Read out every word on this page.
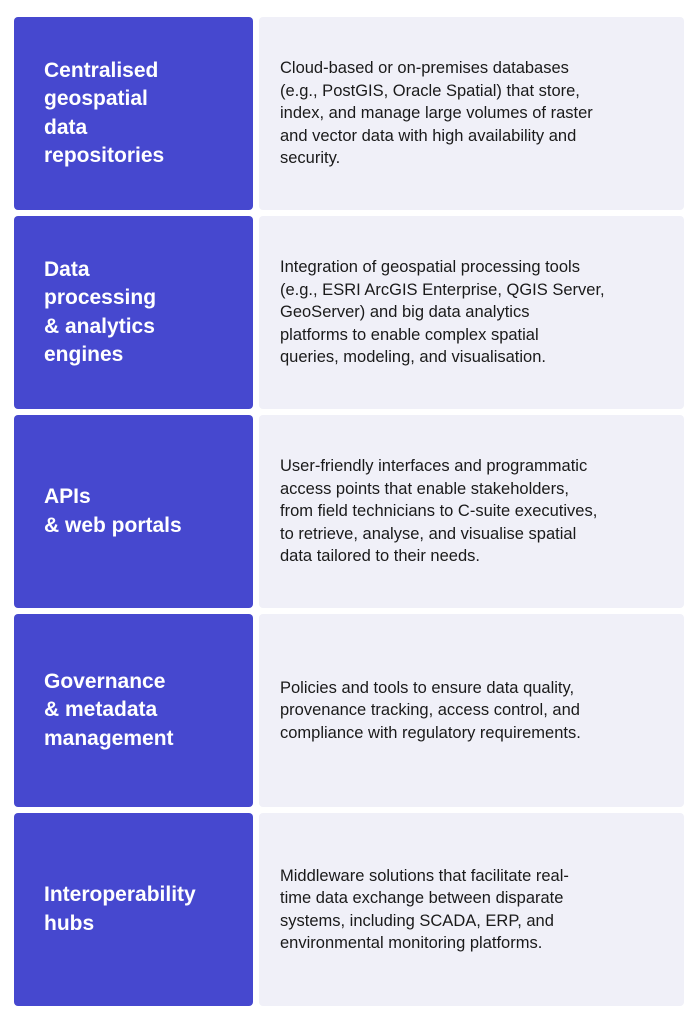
Centralised
geospatial
data
repositories
Cloud-based or on-premises databases
(e.g., PostGIS, Oracle Spatial) that store,
index, and manage large volumes of raster
and vector data with high availability and
security.
Data
processing
& analytics
engines
Integration of geospatial processing tools
(e.g., ESRI ArcGIS Enterprise, QGIS Server,
GeoServer) and big data analytics
platforms to enable complex spatial
queries, modeling, and visualisation.
APIs
& web portals
User-friendly interfaces and programmatic
access points that enable stakeholders,
from field technicians to C-suite executives,
to retrieve, analyse, and visualise spatial
data tailored to their needs.
Governance
& metadata
management
Policies and tools to ensure data quality,
provenance tracking, access control, and
compliance with regulatory requirements.
Interoperability
hubs
Middleware solutions that facilitate real-
time data exchange between disparate
systems, including SCADA, ERP, and
environmental monitoring platforms.
